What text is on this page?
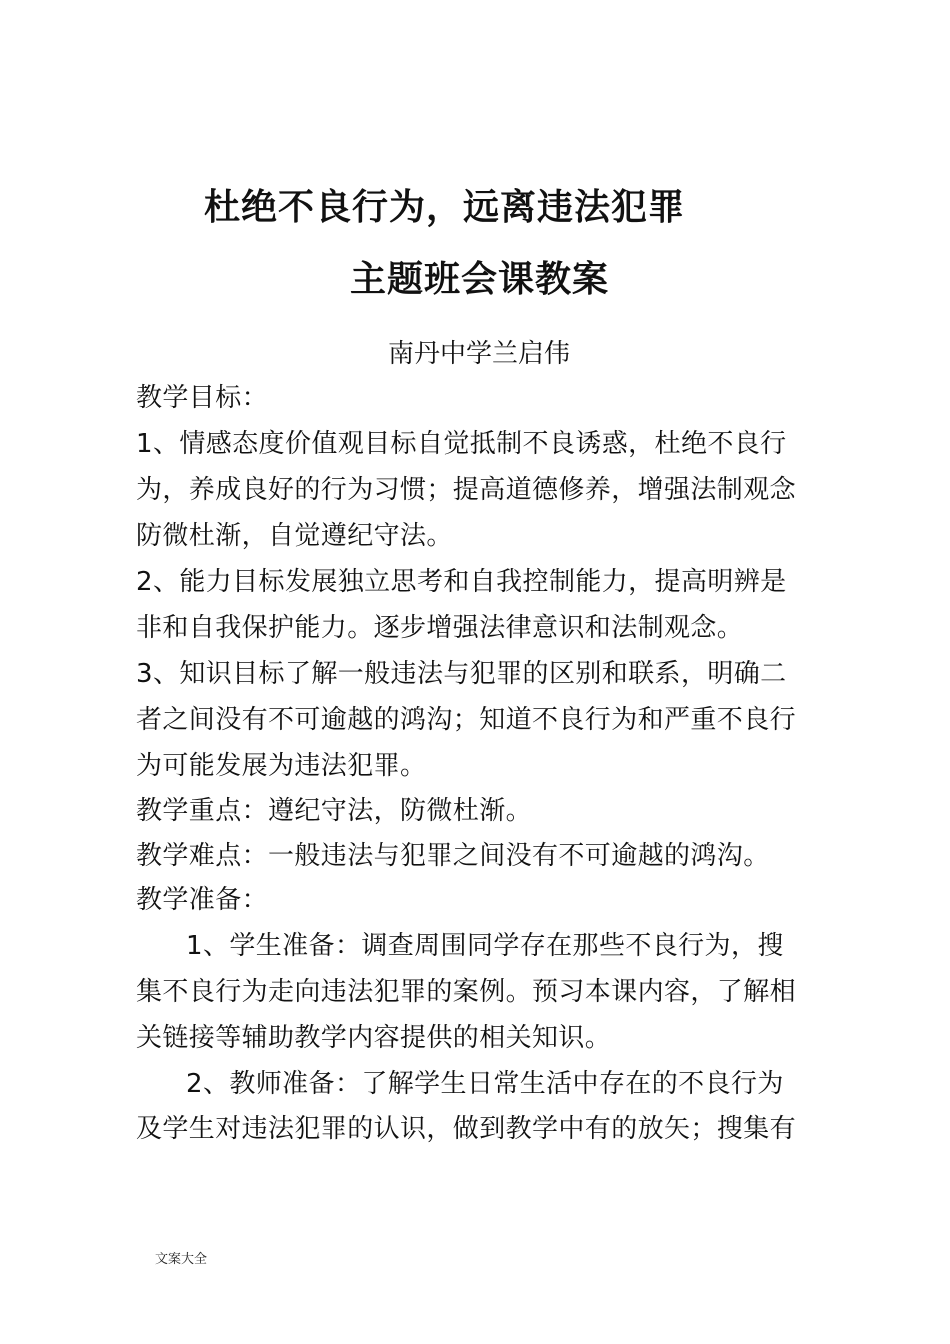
杜绝不良行为，远离违法犯罪
主题班会课教案
南丹中学兰启伟
教学目标：
1、情感态度价值观目标自觉抵制不良诱惑，杜绝不良行
为，养成良好的行为习惯；提高道德修养，增强法制观念
防微杜渐，自觉遵纪守法。
2、能力目标发展独立思考和自我控制能力，提高明辨是
非和自我保护能力。逐步增强法律意识和法制观念。
3、知识目标了解一般违法与犯罪的区别和联系，明确二
者之间没有不可逾越的鸿沟；知道不良行为和严重不良行
为可能发展为违法犯罪。
教学重点：遵纪守法，防微杜渐。
教学难点：一般违法与犯罪之间没有不可逾越的鸿沟。
教学准备：
1、学生准备：调查周围同学存在那些不良行为，搜
集不良行为走向违法犯罪的案例。预习本课内容，了解相
关链接等辅助教学内容提供的相关知识。
2、教师准备：了解学生日常生活中存在的不良行为
及学生对违法犯罪的认识，做到教学中有的放矢；搜集有
文案大全
